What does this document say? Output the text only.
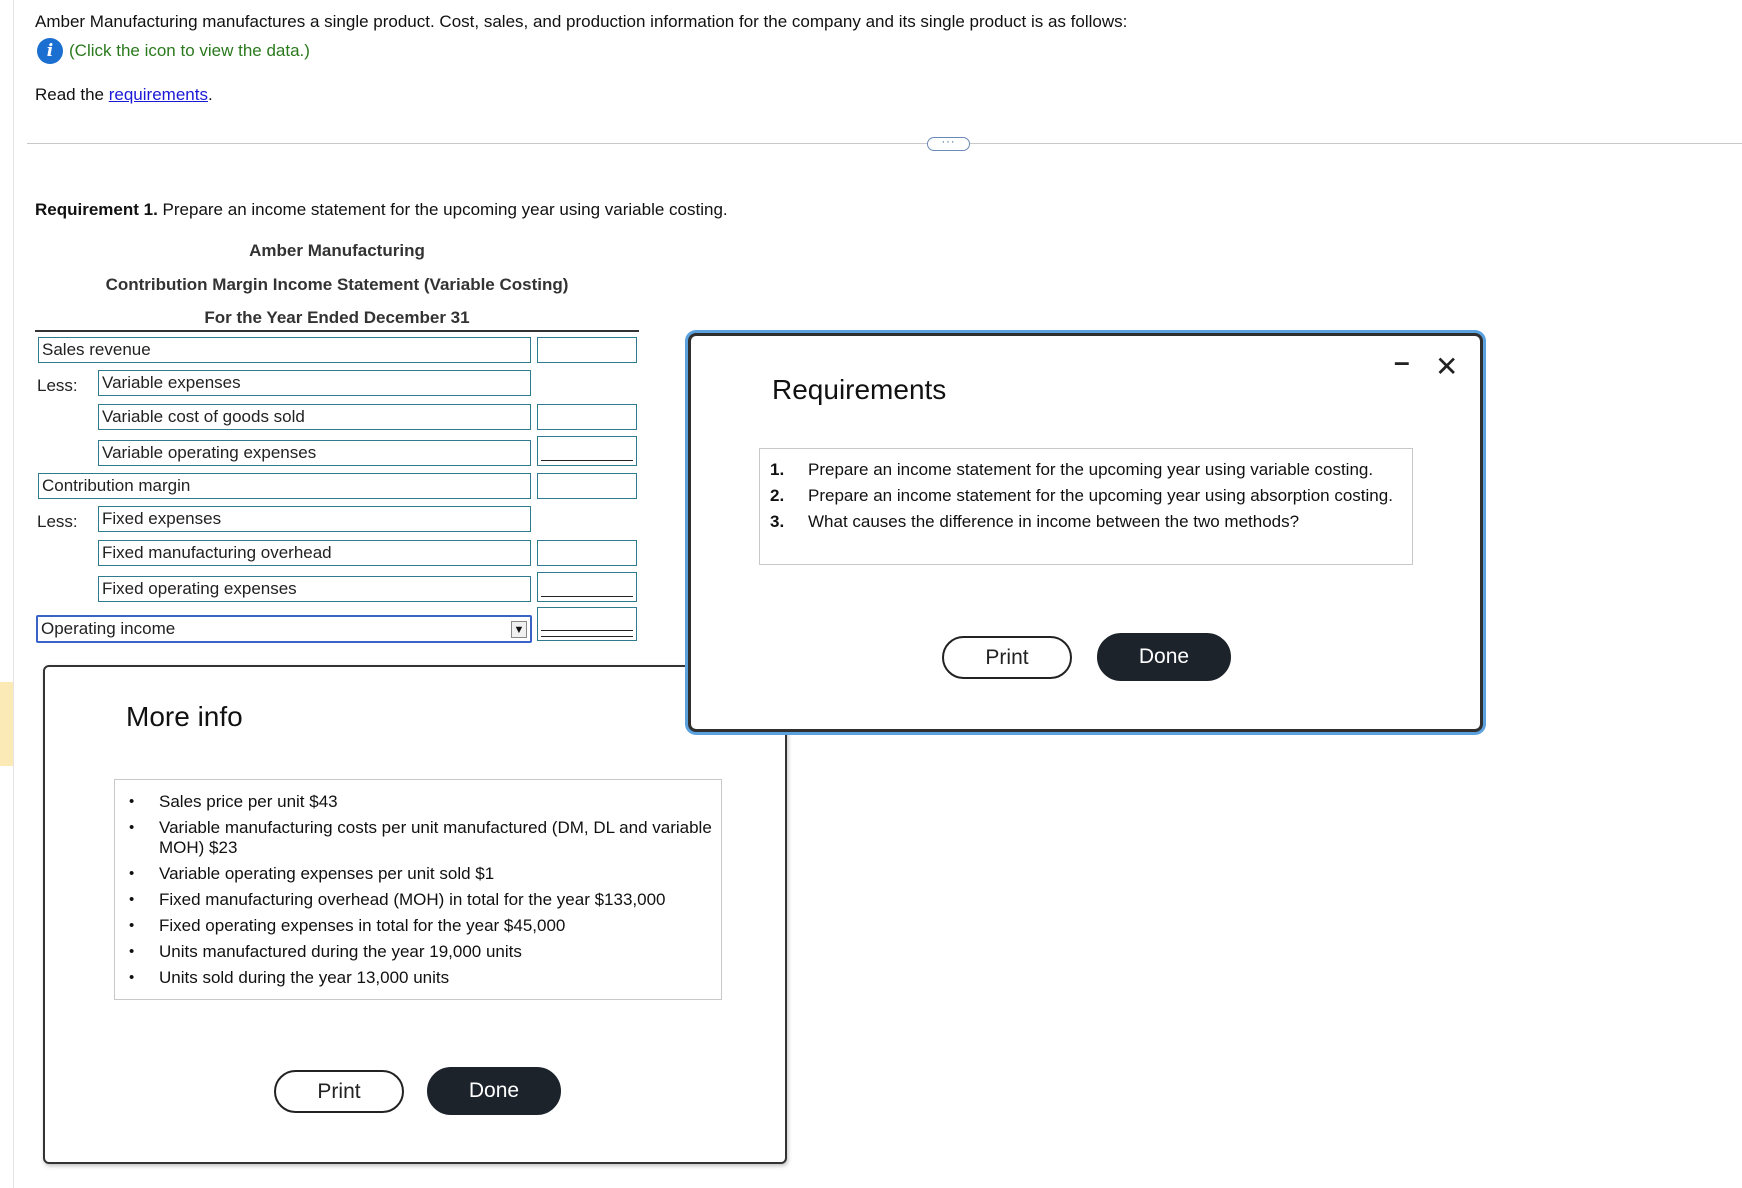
Amber Manufacturing manufactures a single product. Cost, sales, and production information for the company and its single product is as follows:
i (Click the icon to view the data.)
Read the requirements.
···
Requirement 1. Prepare an income statement for the upcoming year using variable costing.
Amber Manufacturing
Contribution Margin Income Statement (Variable Costing)
For the Year Ended December 31
Sales revenue
Less: Variable expenses
Variable cost of goods sold
Variable operating expenses
Contribution margin
Less: Fixed expenses
Fixed manufacturing overhead
Fixed operating expenses
Operating income	▼
More info
• Sales price per unit $43
• Variable manufacturing costs per unit manufactured (DM, DL and variable MOH) $23
• Variable operating expenses per unit sold $1
• Fixed manufacturing overhead (MOH) in total for the year $133,000
• Fixed operating expenses in total for the year $45,000
• Units manufactured during the year 19,000 units
• Units sold during the year 13,000 units
Print	Done
Requirements
– ✕
1. Prepare an income statement for the upcoming year using variable costing.
2. Prepare an income statement for the upcoming year using absorption costing.
3. What causes the difference in income between the two methods?
Print	Done
